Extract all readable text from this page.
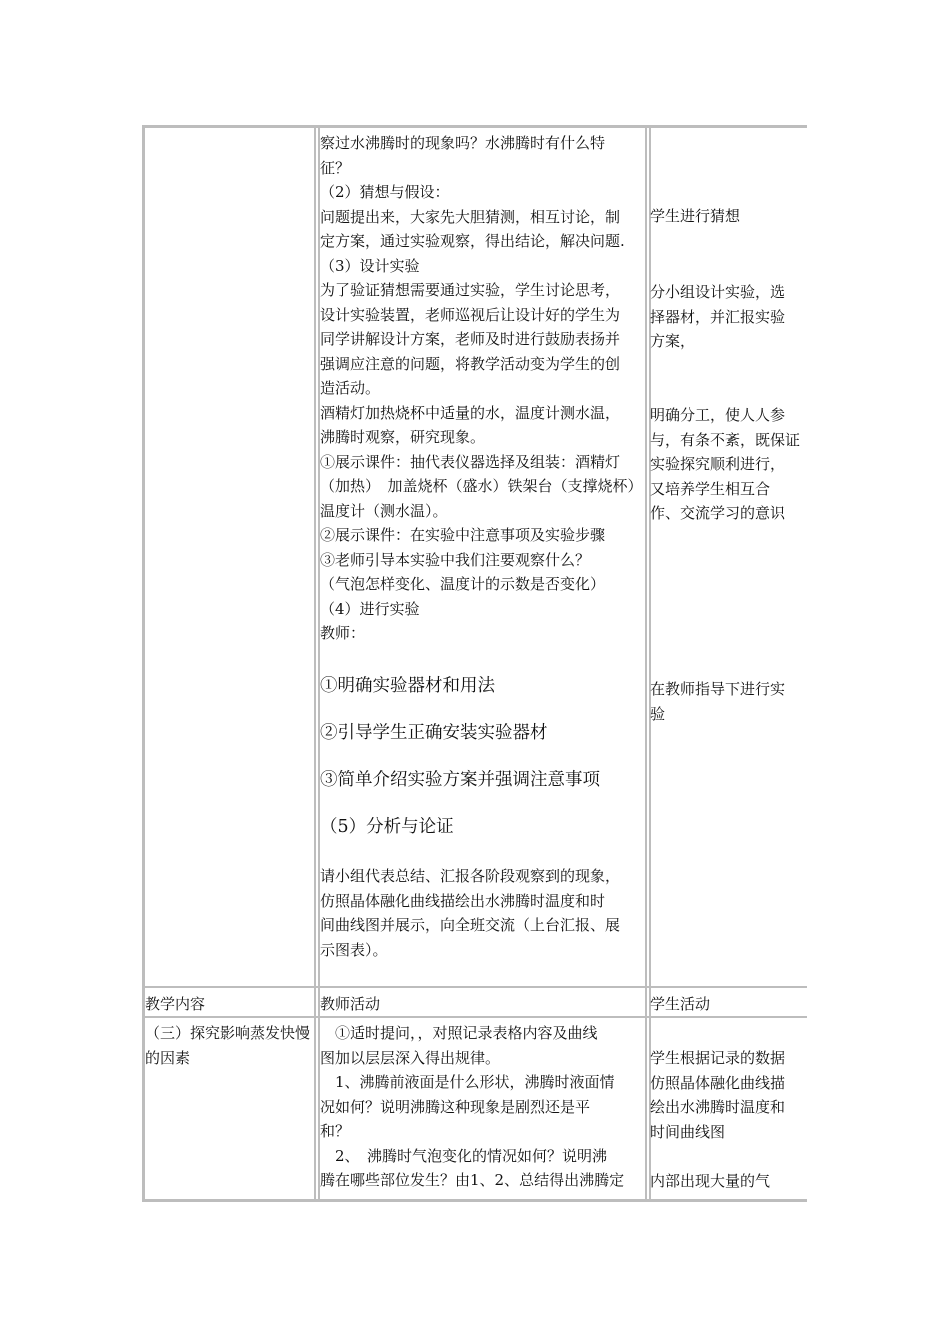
察过水沸腾时的现象吗？水沸腾时有什么特

征？

（2）猜想与假设：

问题提出来，大家先大胆猜测，相互讨论，制

定方案，通过实验观察，得出结论，解决问题.

（3）设计实验

为了验证猜想需要通过实验，学生讨论思考，

设计实验装置，老师巡视后让设计好的学生为

同学讲解设计方案，老师及时进行鼓励表扬并

强调应注意的问题，将教学活动变为学生的创

造活动。

酒精灯加热烧杯中适量的水，温度计测水温，

沸腾时观察，研究现象。

①展示课件：抽代表仪器选择及组装：酒精灯

（加热）　加盖烧杯（盛水）铁架台（支撑烧杯）

温度计（测水温）。

②展示课件：在实验中注意事项及实验步骤

③老师引导本实验中我们注要观察什么？

（气泡怎样变化、温度计的示数是否变化）

（4）进行实验

教师：

①明确实验器材和用法

②引导学生正确安装实验器材

③简单介绍实验方案并强调注意事项

（5）分析与论证

请小组代表总结、汇报各阶段观察到的现象，

仿照晶体融化曲线描绘出水沸腾时温度和时

间曲线图并展示，向全班交流（上台汇报、展

示图表）。

学生进行猜想

分小组设计实验，选

择器材，并汇报实验

方案，

明确分工，使人人参

与，有条不紊，既保证

实验探究顺利进行，

又培养学生相互合

作、交流学习的意识

在教师指导下进行实

验

教学内容	教师活动	学生活动

（三）探究影响蒸发快慢

的因素

　①适时提问，，对照记录表格内容及曲线

图加以层层深入得出规律。

　1、沸腾前液面是什么形状，沸腾时液面情

况如何？说明沸腾这种现象是剧烈还是平

和？

　2、　沸腾时气泡变化的情况如何？说明沸

腾在哪些部位发生？由1、2、总结得出沸腾定

学生根据记录的数据

仿照晶体融化曲线描

绘出水沸腾时温度和

时间曲线图

内部出现大量的气
